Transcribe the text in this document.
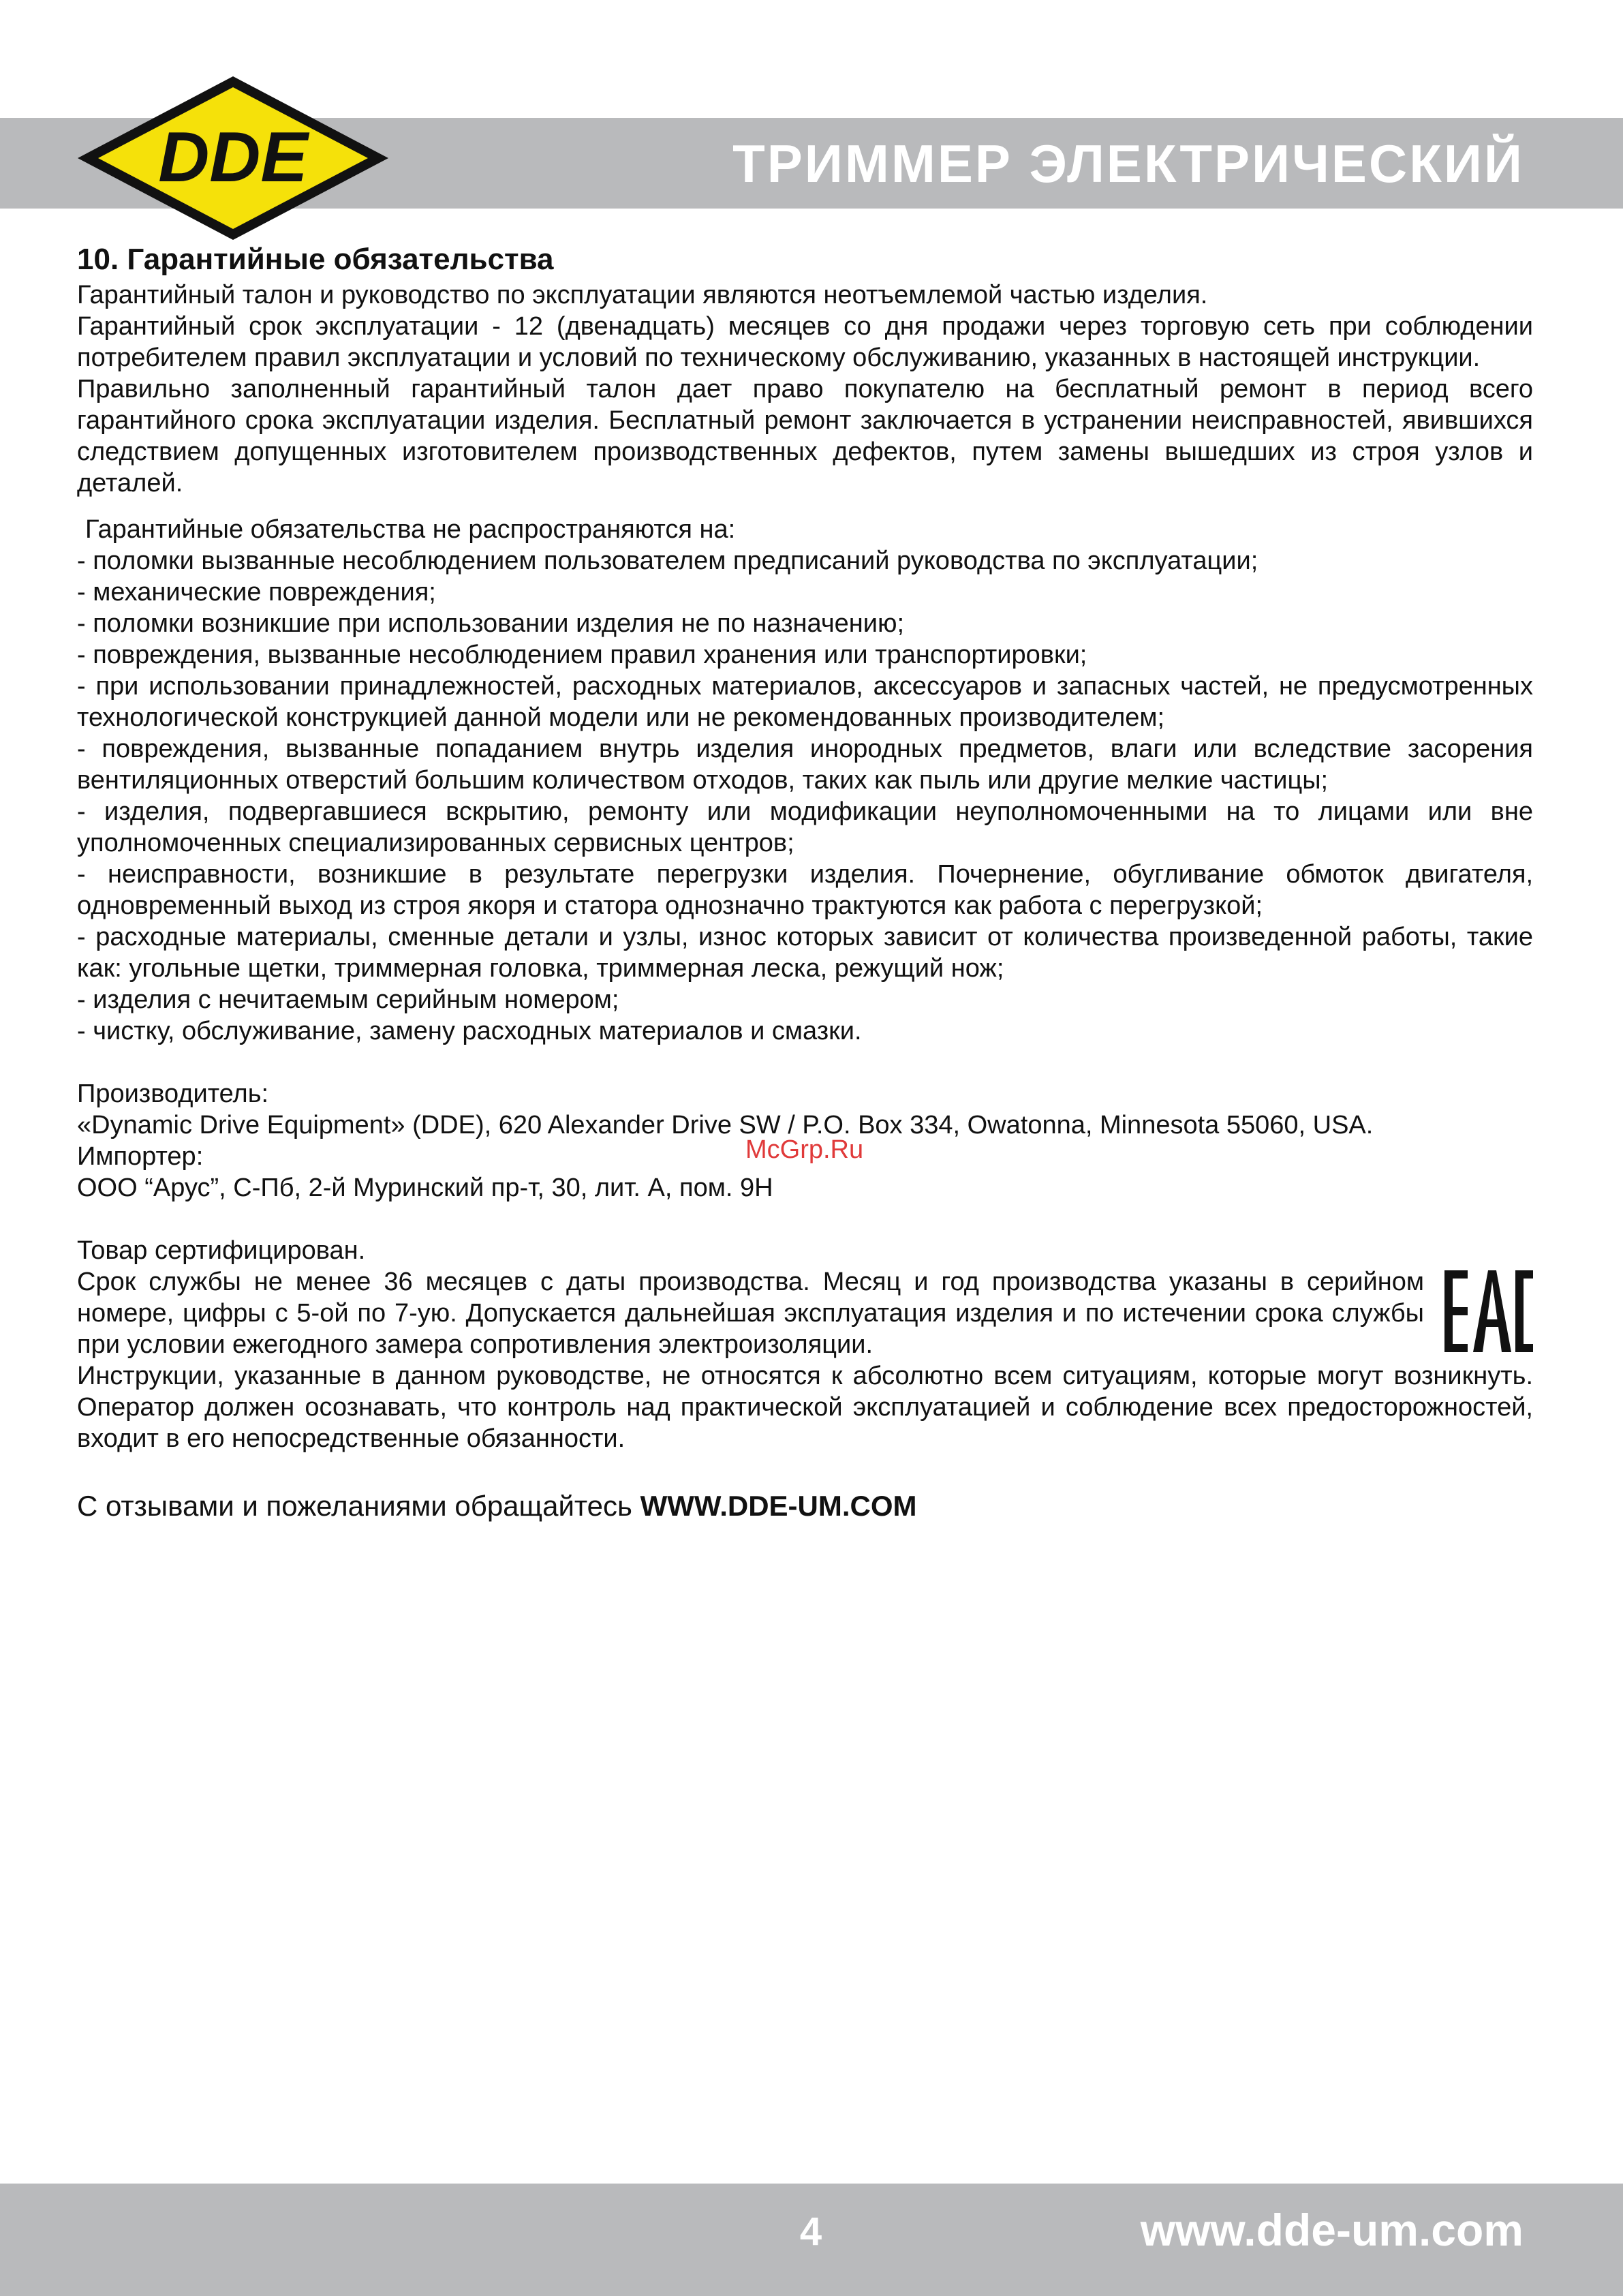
ТРИММЕР ЭЛЕКТРИЧЕСКИЙ
DDE
10. Гарантийные обязательства

Гарантийный талон и руководство по эксплуатации являются неотъемлемой частью изделия.

Гарантийный срок эксплуатации - 12 (двенадцать) месяцев со дня продажи через торговую сеть при соблюдении потребителем правил эксплуатации и условий по техническому обслуживанию, указанных в настоящей инструкции.

Правильно заполненный гарантийный талон дает право покупателю на бесплатный ремонт в период всего гарантийного срока эксплуатации изделия. Бесплатный ремонт заключается в устранении неисправностей, явившихся следствием допущенных изготовителем производственных дефектов, путем замены вышедших из строя узлов и деталей.

Гарантийные обязательства не распространяются на:

- поломки вызванные несоблюдением пользователем предписаний руководства по эксплуатации;

- механические повреждения;

- поломки возникшие при использовании изделия не по назначению;

- повреждения, вызванные несоблюдением правил хранения или транспортировки;

- при использовании принадлежностей, расходных материалов, аксессуаров и запасных частей, не предусмотренных технологической конструкцией данной модели или не рекомендованных производителем;

- повреждения, вызванные попаданием внутрь изделия инородных предметов, влаги или вследствие засорения вентиляционных отверстий большим количеством отходов, таких как пыль или другие мелкие частицы;

- изделия, подвергавшиеся вскрытию, ремонту или модификации неуполномоченными на то лицами или вне уполномоченных специализированных сервисных центров;

- неисправности, возникшие в результате перегрузки изделия. Почернение, обугливание обмоток двигателя, одновременный выход из строя якоря и статора однозначно трактуются как работа с перегрузкой;

- расходные материалы, сменные детали и узлы, износ которых зависит от количества произведенной работы, такие как: угольные щетки, триммерная головка, триммерная леска, режущий нож;

- изделия с нечитаемым серийным номером;

- чистку, обслуживание, замену расходных материалов и смазки.

Производитель:

«Dynamic Drive Equipment» (DDE), 620 Alexander Drive SW / P.O. Box 334, Owatonna, Minnesota 55060, USA.

Импортер:

ООО “Арус”, С-Пб, 2-й Муринский пр-т, 30, лит. А, пом. 9Н

Товар сертифицирован.

Срок службы не менее 36 месяцев с даты производства. Месяц и год производства указаны в серийном номере, цифры с 5-ой по 7-ую. Допускается дальнейшая эксплуатация изделия и по истечении срока службы при условии ежегодного замера сопротивления электроизоляции.

Инструкции, указанные в данном руководстве, не относятся к абсолютно всем ситуациям, которые могут возникнуть. Оператор должен осознавать, что контроль над практической эксплуатацией и соблюдение всех предосторожностей, входит в его непосредственные обязанности.

С отзывами и пожеланиями обращайтесь WWW.DDE-UM.COM

McGrp.Ru
4	www.dde-um.com
